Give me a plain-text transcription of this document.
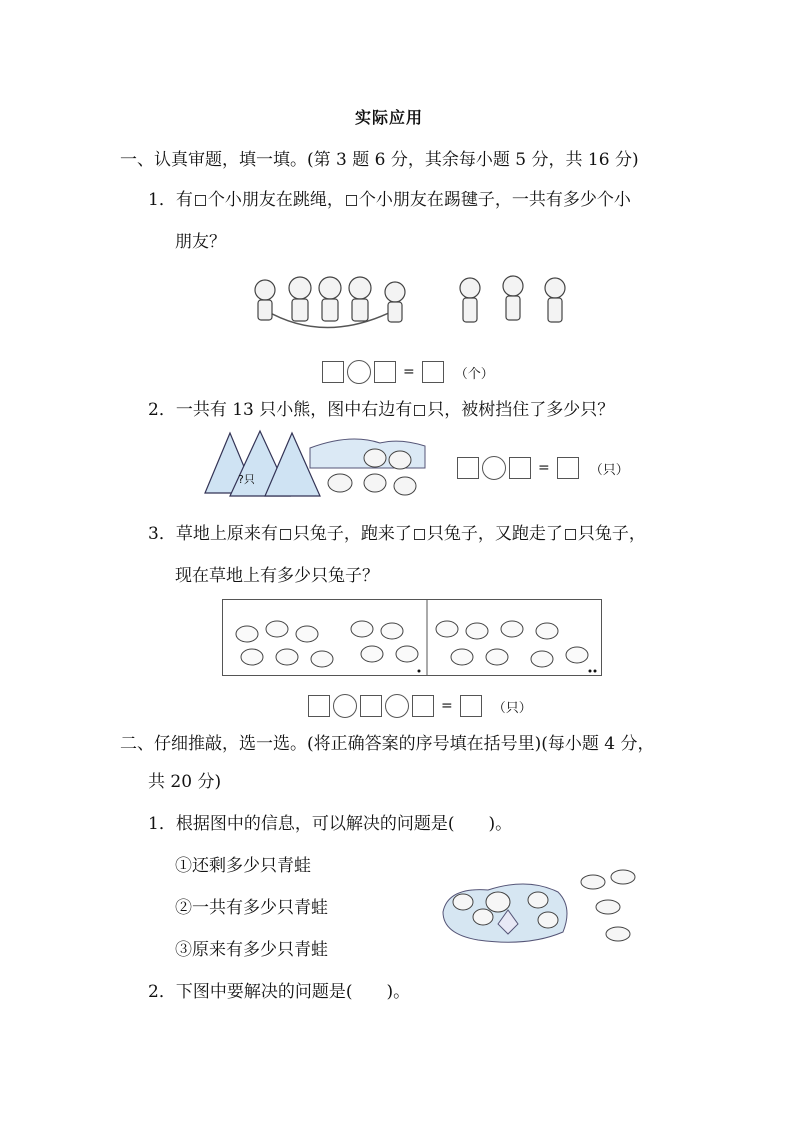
实际应用
一、认真审题，填一填。(第 3 题 6 分，其余每小题 5 分，共 16 分)
1．有 个小朋友在跳绳， 个小朋友在踢毽子，一共有多少个小
朋友？
=	（个）
2．一共有 13 只小熊，图中右边有 只，被树挡住了多少只？
?只
=	（只）
3．草地上原来有 只兔子，跑来了 只兔子，又跑走了 只兔子，
现在草地上有多少只兔子？
=	（只）
二、仔细推敲，选一选。(将正确答案的序号填在括号里)(每小题 4 分，
共 20 分)
1．根据图中的信息，可以解决的问题是(　　)。
①还剩多少只青蛙
②一共有多少只青蛙
③原来有多少只青蛙
2．下图中要解决的问题是(　　)。
